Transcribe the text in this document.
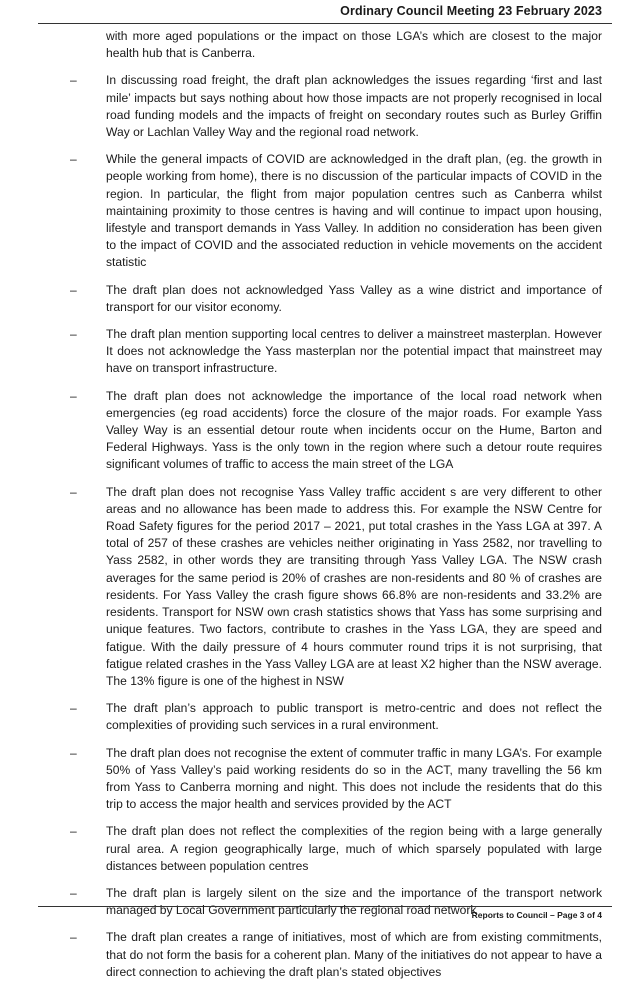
Ordinary Council Meeting 23 February 2023
with more aged populations or the impact on those LGA’s which are closest to the major health hub that is Canberra.
– In discussing road freight, the draft plan acknowledges the issues regarding ‘first and last mile’ impacts but says nothing about how those impacts are not properly recognised in local road funding models and the impacts of freight on secondary routes such as Burley Griffin Way or Lachlan Valley Way and the regional road network.
– While the general impacts of COVID are acknowledged in the draft plan, (eg. the growth in people working from home), there is no discussion of the particular impacts of COVID in the region. In particular, the flight from major population centres such as Canberra whilst maintaining proximity to those centres is having and will continue to impact upon housing, lifestyle and transport demands in Yass Valley. In addition no consideration has been given to the impact of COVID and the associated reduction in vehicle movements on the accident statistic
– The draft plan does not acknowledged Yass Valley as a wine district and importance of transport for our visitor economy.
– The draft plan mention supporting local centres to deliver a mainstreet masterplan. However It does not acknowledge the Yass masterplan nor the potential impact that mainstreet may have on transport infrastructure.
– The draft plan does not acknowledge the importance of the local road network when emergencies (eg road accidents) force the closure of the major roads. For example Yass Valley Way is an essential detour route when incidents occur on the Hume, Barton and Federal Highways. Yass is the only town in the region where such a detour route requires significant volumes of traffic to access the main street of the LGA
– The draft plan does not recognise Yass Valley traffic accident s are very different to other areas and no allowance has been made to address this. For example the NSW Centre for Road Safety figures for the period 2017 – 2021, put total crashes in the Yass LGA at 397. A total of 257 of these crashes are vehicles neither originating in Yass 2582, nor travelling to Yass 2582, in other words they are transiting through Yass Valley LGA. The NSW crash averages for the same period is 20% of crashes are non-residents and 80 % of crashes are residents. For Yass Valley the crash figure shows 66.8% are non-residents and 33.2% are residents. Transport for NSW own crash statistics shows that Yass has some surprising and unique features. Two factors, contribute to crashes in the Yass LGA, they are speed and fatigue. With the daily pressure of 4 hours commuter round trips it is not surprising, that fatigue related crashes in the Yass Valley LGA are at least X2 higher than the NSW average. The 13% figure is one of the highest in NSW
– The draft plan’s approach to public transport is metro-centric and does not reflect the complexities of providing such services in a rural environment.
– The draft plan does not recognise the extent of commuter traffic in many LGA’s. For example 50% of Yass Valley’s paid working residents do so in the ACT, many travelling the 56 km from Yass to Canberra morning and night. This does not include the residents that do this trip to access the major health and services provided by the ACT
– The draft plan does not reflect the complexities of the region being with a large generally rural area. A region geographically large, much of which sparsely populated with large distances between population centres
– The draft plan is largely silent on the size and the importance of the transport network managed by Local Government particularly the regional road network
– The draft plan creates a range of initiatives, most of which are from existing commitments, that do not form the basis for a coherent plan. Many of the initiatives do not appear to have a direct connection to achieving the draft plan’s stated objectives
Reports to Council – Page 3 of 4
